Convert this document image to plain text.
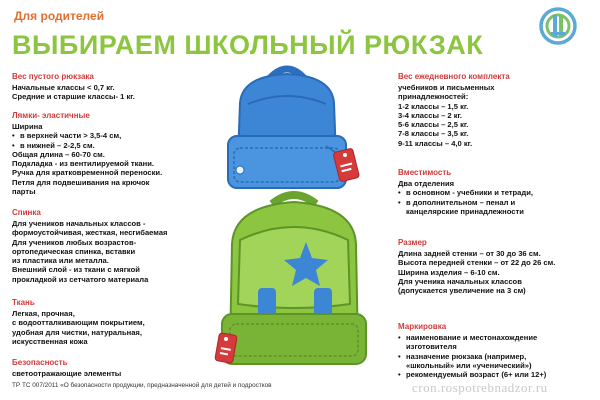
Для родителей
ВЫБИРАЕМ ШКОЛЬНЫЙ РЮКЗАК
Вес пустого рюкзака
Начальные классы < 0,7 кг.
Средние и старшие классы- 1 кг.
Лямки- эластичные
Ширина
• в верхней части > 3,5-4 см,
• в нижней – 2-2,5 см.
Общая длина – 60-70 см.
Подкладка - из вентилируемой ткани.
Ручка для кратковременной переноски.
Петля для подвешивания на крючок
парты
Спинка
Для учеников начальных классов -
формоустойчивая, жесткая, несгибаемая
Для учеников любых возрастов-
ортопедическая спинка, вставки
из пластика или металла.
Внешний слой - из ткани с мягкой
прокладкой из сетчатого материала
Ткань
Легкая, прочная,
с водоотталкивающим покрытием,
удобная для чистки, натуральная,
искусственная кожа
Безопасность
светоотражающие элементы
Вес ежедневного комплекта
учебников и письменных
принадлежностей:
1-2 классы – 1,5 кг.
3-4 классы – 2 кг.
5-6 классы – 2,5 кг.
7-8 классы – 3,5 кг.
9-11 классы – 4,0 кг.
Вместимость
Два отделения
• в основном - учебники и тетради,
• в дополнительном – пенал и
канцелярские принадлежности
Размер
Длина задней стенки – от 30 до 36 см.
Высота передней стенки – от 22 до 26 см.
Ширина изделия – 6-10 см.
Для ученика начальных классов
(допускается увеличение на 3 см)
Маркировка
• наименование и местонахождение
изготовителя
• назначение рюкзака (например,
«школьный» или «ученический»)
• рекомендуемый возраст (6+ или 12+)
ТР ТС 007/2011 «О безопасности продукции, предназначенной для детей и подростков	cron.rospotrebnadzor.ru
